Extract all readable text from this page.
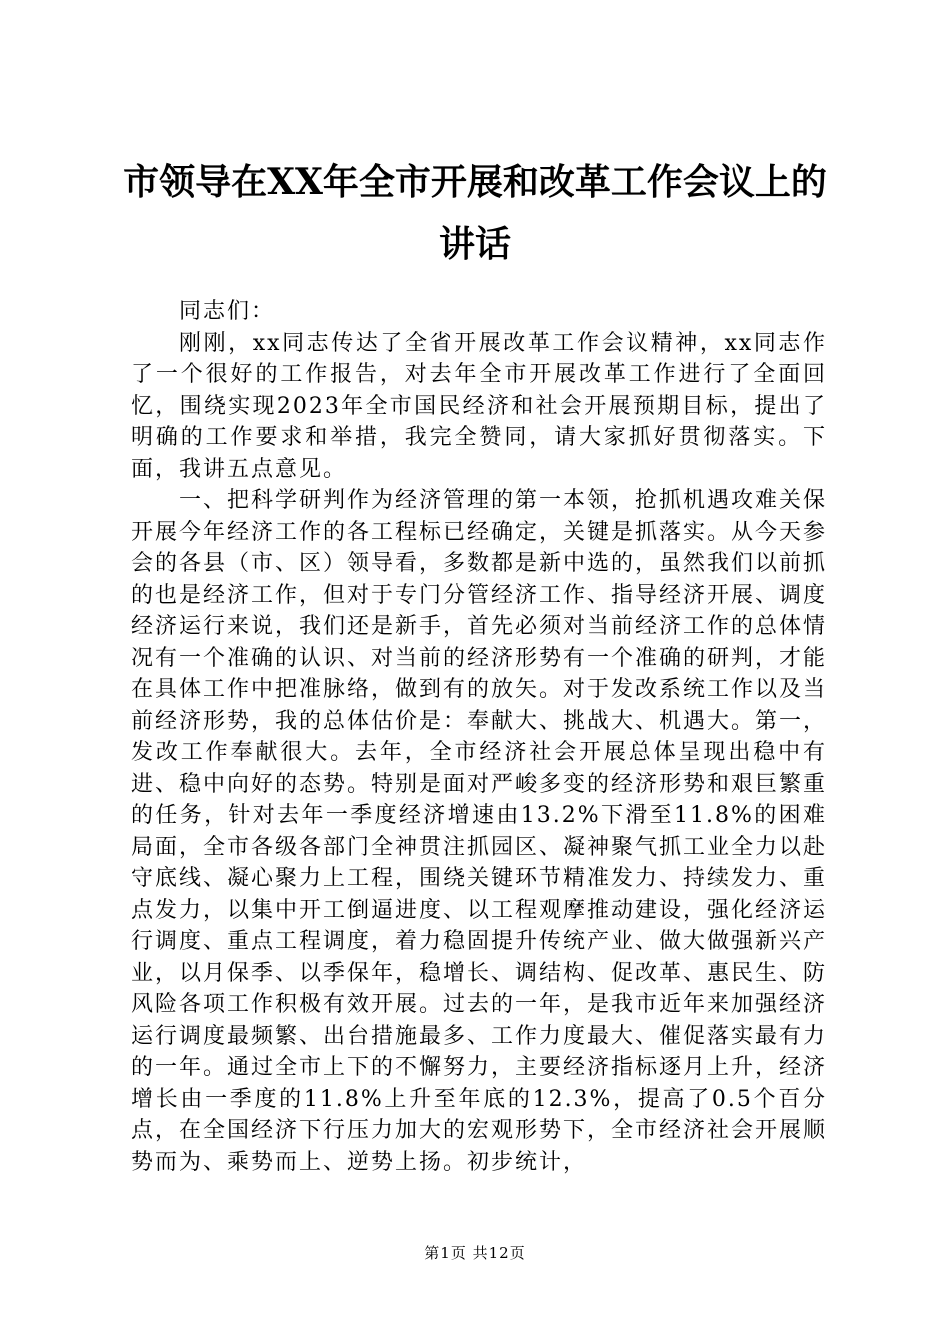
市领导在XX年全市开展和改革工作会议上的
讲话

同志们：

刚刚，xx同志传达了全省开展改革工作会议精神，xx同志作了一个很好的工作报告，对去年全市开展改革工作进行了全面回忆，围绕实现2023年全市国民经济和社会开展预期目标，提出了明确的工作要求和举措，我完全赞同，请大家抓好贯彻落实。下面，我讲五点意见。

一、把科学研判作为经济管理的第一本领，抢抓机遇攻难关保开展今年经济工作的各工程标已经确定，关键是抓落实。从今天参会的各县（市、区）领导看，多数都是新中选的，虽然我们以前抓的也是经济工作，但对于专门分管经济工作、指导经济开展、调度经济运行来说，我们还是新手，首先必须对当前经济工作的总体情况有一个准确的认识、对当前的经济形势有一个准确的研判，才能在具体工作中把准脉络，做到有的放矢。对于发改系统工作以及当前经济形势，我的总体估价是：奉献大、挑战大、机遇大。第一，发改工作奉献很大。去年，全市经济社会开展总体呈现出稳中有进、稳中向好的态势。特别是面对严峻多变的经济形势和艰巨繁重的任务，针对去年一季度经济增速由13.2%下滑至11.8%的困难局面，全市各级各部门全神贯注抓园区、凝神聚气抓工业全力以赴守底线、凝心聚力上工程，围绕关键环节精准发力、持续发力、重点发力，以集中开工倒逼进度、以工程观摩推动建设，强化经济运行调度、重点工程调度，着力稳固提升传统产业、做大做强新兴产业，以月保季、以季保年，稳增长、调结构、促改革、惠民生、防风险各项工作积极有效开展。过去的一年，是我市近年来加强经济运行调度最频繁、出台措施最多、工作力度最大、催促落实最有力的一年。通过全市上下的不懈努力，主要经济指标逐月上升，经济增长由一季度的11.8%上升至年底的12.3%，提高了0.5个百分点，在全国经济下行压力加大的宏观形势下，全市经济社会开展顺势而为、乘势而上、逆势上扬。初步统计，

第1页 共12页
